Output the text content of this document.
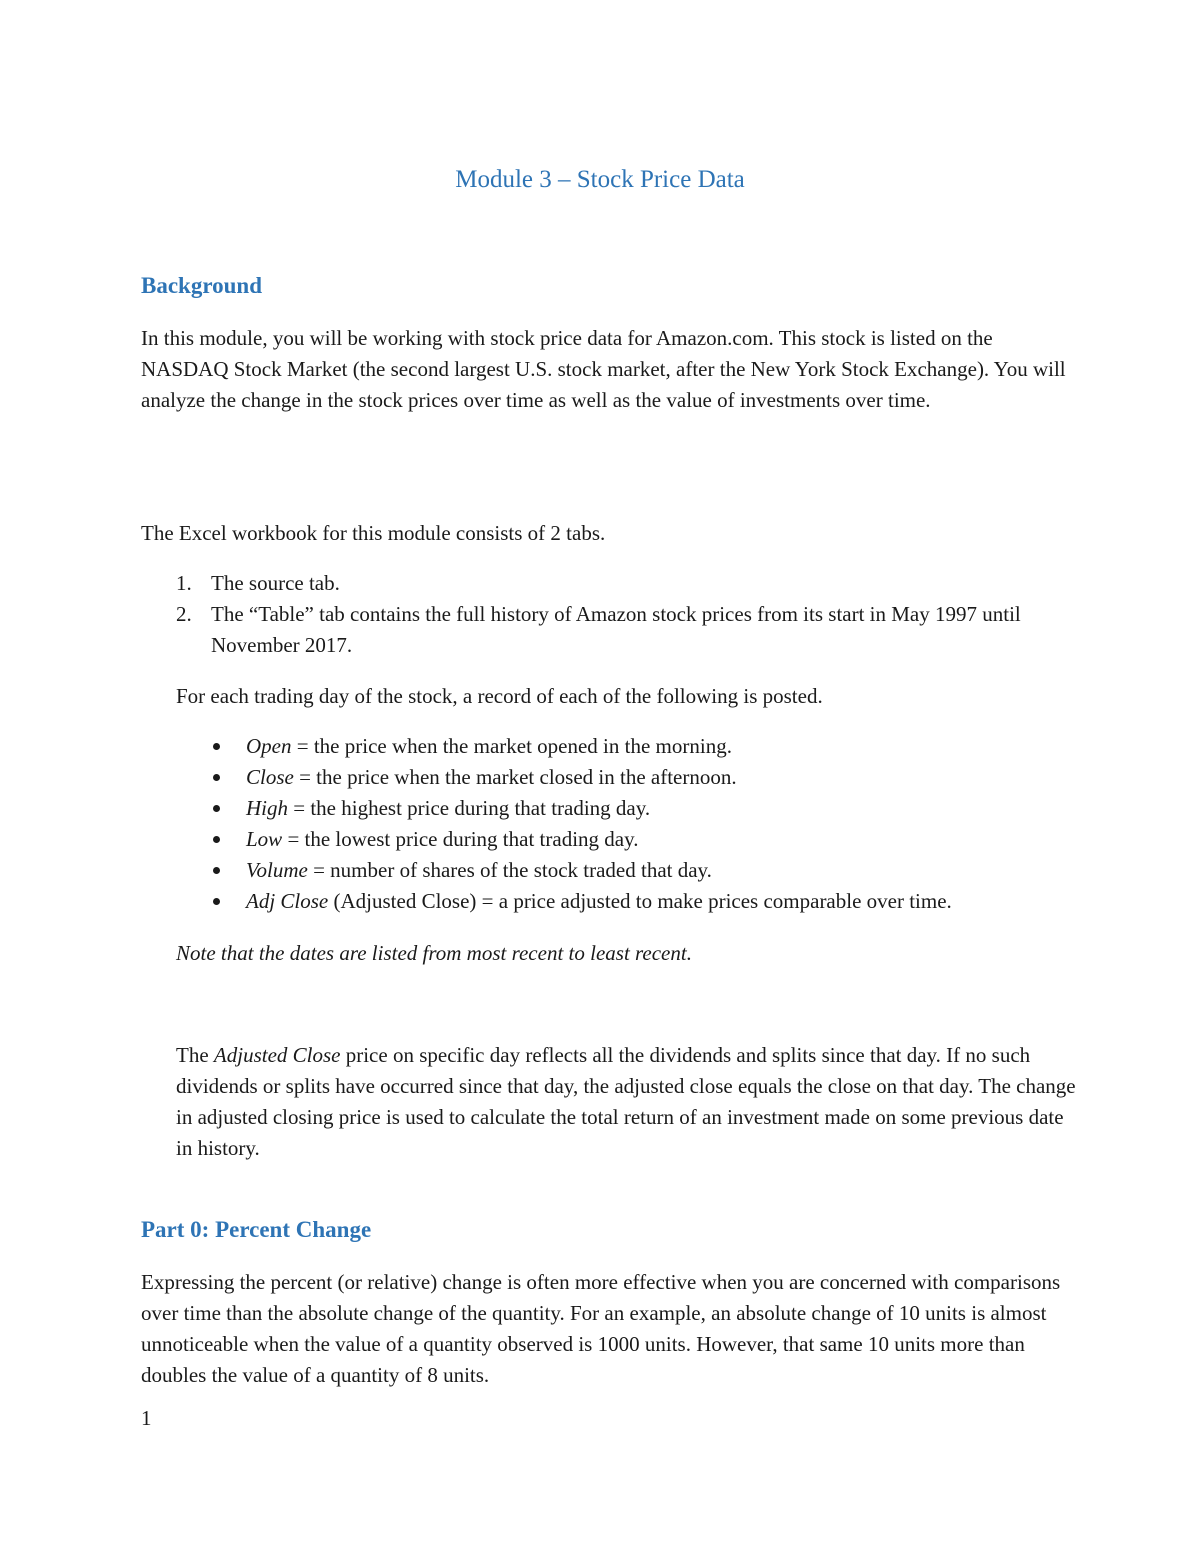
Module 3 – Stock Price Data
Background

In this module, you will be working with stock price data for Amazon.com. This stock is listed on the NASDAQ Stock Market (the second largest U.S. stock market, after the New York Stock Exchange). You will analyze the change in the stock prices over time as well as the value of investments over time.

The Excel workbook for this module consists of 2 tabs.

1. The source tab.
2. The “Table” tab contains the full history of Amazon stock prices from its start in May 1997 until November 2017.

For each trading day of the stock, a record of each of the following is posted.

Open = the price when the market opened in the morning.
Close = the price when the market closed in the afternoon.
High = the highest price during that trading day.
Low = the lowest price during that trading day.
Volume = number of shares of the stock traded that day.
Adj Close (Adjusted Close) = a price adjusted to make prices comparable over time.

Note that the dates are listed from most recent to least recent.

The Adjusted Close price on specific day reflects all the dividends and splits since that day. If no such dividends or splits have occurred since that day, the adjusted close equals the close on that day. The change in adjusted closing price is used to calculate the total return of an investment made on some previous date in history.

Part 0: Percent Change

Expressing the percent (or relative) change is often more effective when you are concerned with comparisons over time than the absolute change of the quantity. For an example, an absolute change of 10 units is almost unnoticeable when the value of a quantity observed is 1000 units. However, that same 10 units more than doubles the value of a quantity of 8 units.

1
